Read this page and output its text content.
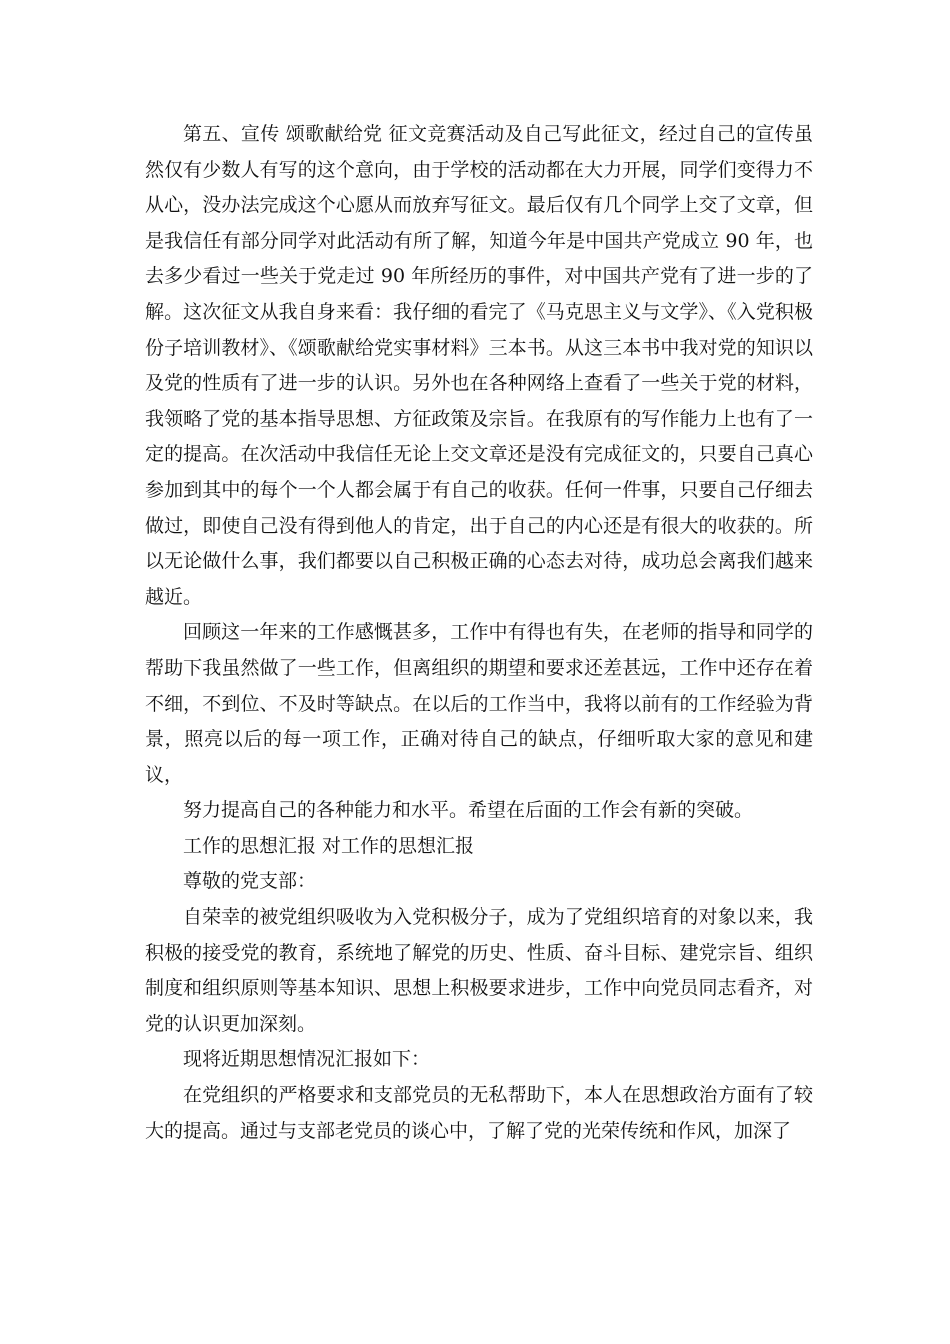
第五、宣传 颂歌献给党 征文竞赛活动及自己写此征文，经过自己的宣传虽然仅有少数人有写的这个意向，由于学校的活动都在大力开展，同学们变得力不从心，没办法完成这个心愿从而放弃写征文。最后仅有几个同学上交了文章，但是我信任有部分同学对此活动有所了解，知道今年是中国共产党成立 90 年，也去多少看过一些关于党走过 90 年所经历的事件，对中国共产党有了进一步的了解。这次征文从我自身来看：我仔细的看完了《马克思主义与文学》、《入党积极份子培训教材》、《颂歌献给党实事材料》三本书。从这三本书中我对党的知识以及党的性质有了进一步的认识。另外也在各种网络上查看了一些关于党的材料，我领略了党的基本指导思想、方征政策及宗旨。在我原有的写作能力上也有了一定的提高。在次活动中我信任无论上交文章还是没有完成征文的，只要自己真心参加到其中的每个一个人都会属于有自己的收获。任何一件事，只要自己仔细去做过，即使自己没有得到他人的肯定，出于自己的内心还是有很大的收获的。所以无论做什么事，我们都要以自己积极正确的心态去对待，成功总会离我们越来越近。

回顾这一年来的工作感慨甚多，工作中有得也有失，在老师的指导和同学的帮助下我虽然做了一些工作，但离组织的期望和要求还差甚远，工作中还存在着不细，不到位、不及时等缺点。在以后的工作当中，我将以前有的工作经验为背景，照亮以后的每一项工作，正确对待自己的缺点，仔细听取大家的意见和建议，

努力提高自己的各种能力和水平。希望在后面的工作会有新的突破。

工作的思想汇报 对工作的思想汇报

尊敬的党支部：

自荣幸的被党组织吸收为入党积极分子，成为了党组织培育的对象以来，我积极的接受党的教育，系统地了解党的历史、性质、奋斗目标、建党宗旨、组织制度和组织原则等基本知识、思想上积极要求进步，工作中向党员同志看齐，对党的认识更加深刻。

现将近期思想情况汇报如下：

在党组织的严格要求和支部党员的无私帮助下，本人在思想政治方面有了较大的提高。通过与支部老党员的谈心中，了解了党的光荣传统和作风，加深了
